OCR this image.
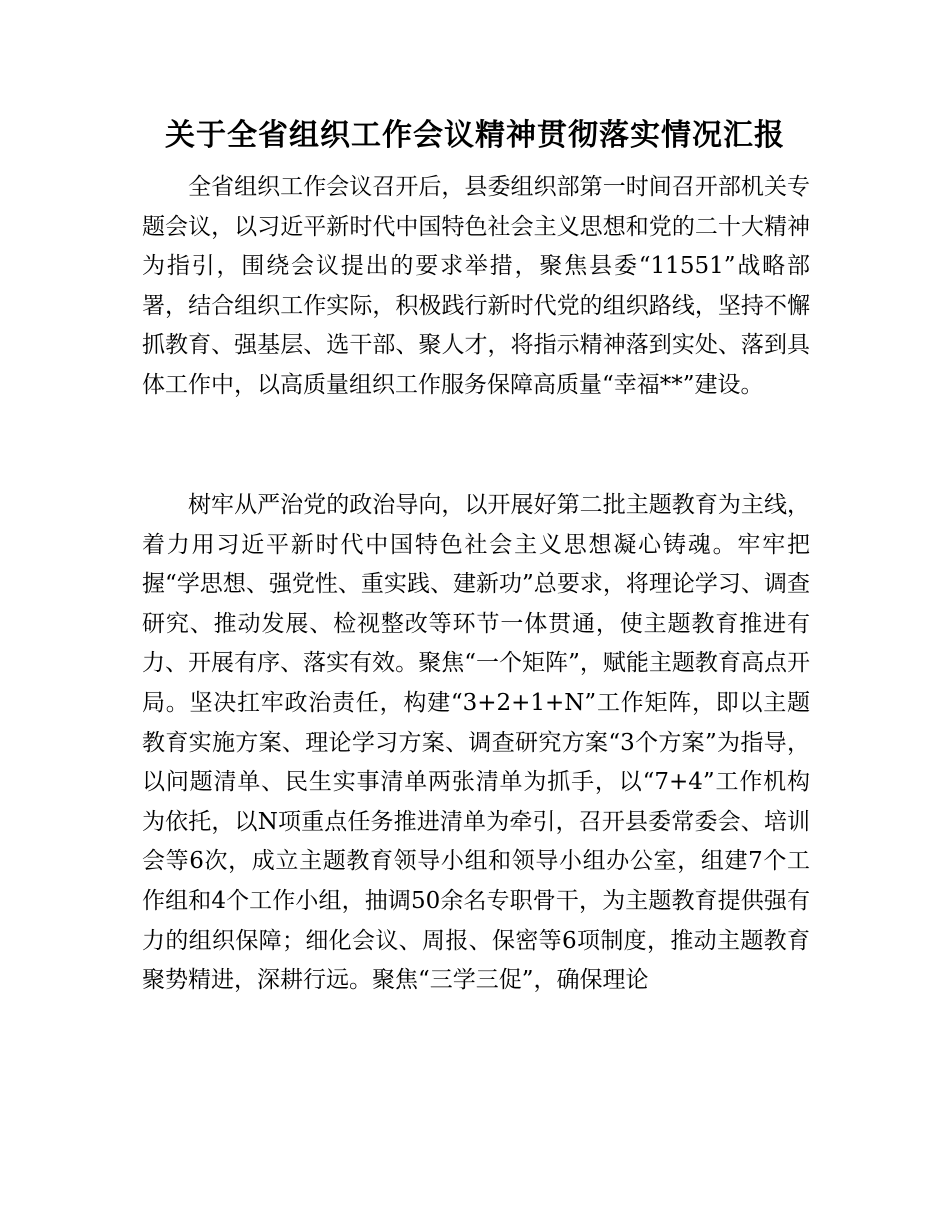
关于全省组织工作会议精神贯彻落实情况汇报

全省组织工作会议召开后，县委组织部第一时间召开部机关专题会议，以习近平新时代中国特色社会主义思想和党的二十大精神为指引，围绕会议提出的要求举措，聚焦县委“11551”战略部署，结合组织工作实际，积极践行新时代党的组织路线，坚持不懈抓教育、强基层、选干部、聚人才，将指示精神落到实处、落到具体工作中，以高质量组织工作服务保障高质量“幸福**”建设。

树牢从严治党的政治导向，以开展好第二批主题教育为主线，着力用习近平新时代中国特色社会主义思想凝心铸魂。牢牢把握“学思想、强党性、重实践、建新功”总要求，将理论学习、调查研究、推动发展、检视整改等环节一体贯通，使主题教育推进有力、开展有序、落实有效。聚焦“一个矩阵”，赋能主题教育高点开局。坚决扛牢政治责任，构建“3+2+1+N”工作矩阵，即以主题教育实施方案、理论学习方案、调查研究方案“3个方案”为指导，以问题清单、民生实事清单两张清单为抓手，以“7+4”工作机构为依托，以N项重点任务推进清单为牵引，召开县委常委会、培训会等6次，成立主题教育领导小组和领导小组办公室，组建7个工作组和4个工作小组，抽调50余名专职骨干，为主题教育提供强有力的组织保障；细化会议、周报、保密等6项制度，推动主题教育聚势精进，深耕行远。聚焦“三学三促”，确保理论
